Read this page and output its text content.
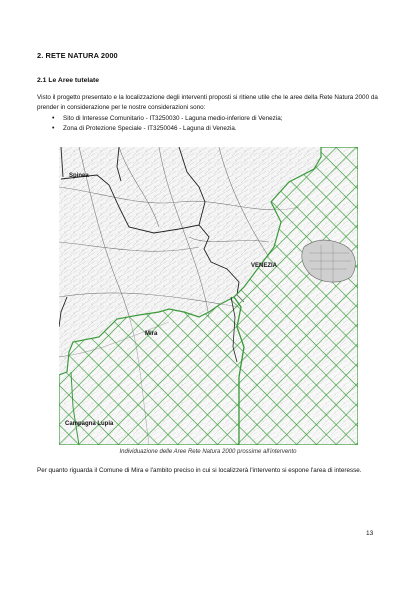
2. RETE NATURA 2000
2.1 Le Aree tutelate
Visto il progetto presentato e la localizzazione degli interventi proposti si ritiene utile che le aree della Rete Natura 2000 da prender in considerazione per le nostre considerazioni sono:
• Sito di Interesse Comunitario - IT3250030 - Laguna medio-inferiore di Venezia;
• Zona di Protezione Speciale - IT3250046 - Laguna di Venezia.
Spinea
VENEZIA
Mira
Campagna Lupia
Individuazione delle Aree Rete Natura 2000 prossime all'intervento
Per quanto riguarda il Comune di Mira e l'ambito preciso in cui si localizzerà l'intervento si espone l'area di interesse.
13
